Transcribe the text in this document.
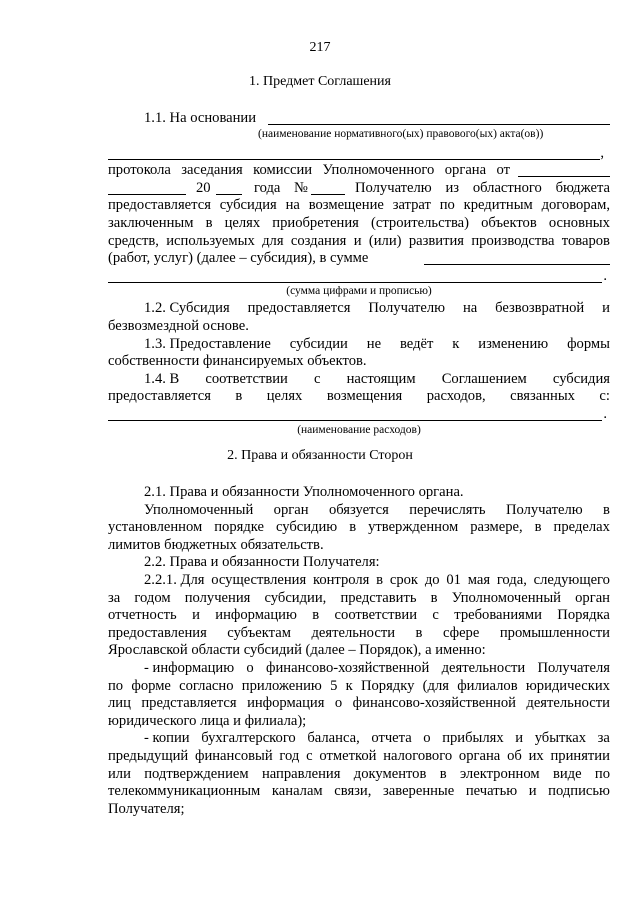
217
1. Предмет Соглашения
1.1. На основании
(наименование нормативного(ых) правового(ых) акта(ов))
,
протокола заседания комиссии Уполномоченного органа от
20	года №	Получателю из областного бюджета
предоставляется субсидия на возмещение затрат по кредитным договорам,
заключенным в целях приобретения (строительства) объектов основных
средств, используемых для создания и (или) развития производства товаров
(работ, услуг) (далее – субсидия), в сумме
.
(сумма цифрами и прописью)
1.2. Субсидия предоставляется Получателю на безвозвратной и
безвозмездной основе.
1.3. Предоставление субсидии не ведёт к изменению формы
собственности финансируемых объектов.
1.4. В соответствии с настоящим Соглашением субсидия
предоставляется в целях возмещения расходов, связанных с:
.
(наименование расходов)
2. Права и обязанности Сторон
2.1. Права и обязанности Уполномоченного органа.
Уполномоченный орган обязуется перечислять Получателю в
установленном порядке субсидию в утвержденном размере, в пределах
лимитов бюджетных обязательств.
2.2. Права и обязанности Получателя:
2.2.1. Для осуществления контроля в срок до 01 мая года, следующего
за годом получения субсидии, представить в Уполномоченный орган
отчетность и информацию в соответствии с требованиями Порядка
предоставления субъектам деятельности в сфере промышленности
Ярославской области субсидий (далее – Порядок), а именно:
- информацию о финансово-хозяйственной деятельности Получателя
по форме согласно приложению 5 к Порядку (для филиалов юридических
лиц представляется информация о финансово-хозяйственной деятельности
юридического лица и филиала);
- копии бухгалтерского баланса, отчета о прибылях и убытках за
предыдущий финансовый год с отметкой налогового органа об их принятии
или подтверждением направления документов в электронном виде по
телекоммуникационным каналам связи, заверенные печатью и подписью
Получателя;
